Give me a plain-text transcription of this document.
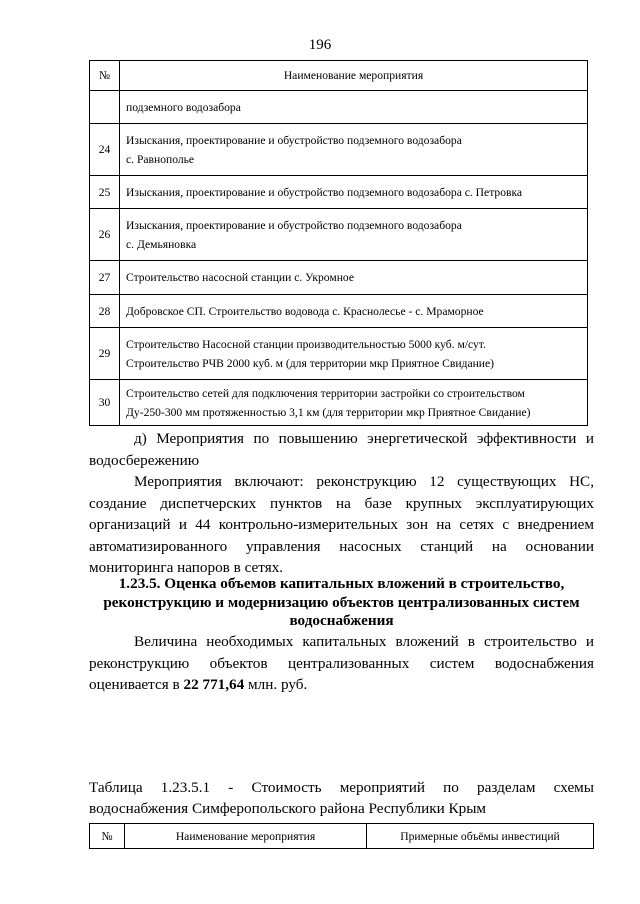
196
№	Наименование мероприятия

	подземного водозабора

24	Изыскания, проектирование и обустройство подземного водозабора
с. Равнополье

25	Изыскания, проектирование и обустройство подземного водозабора с. Петровка

26	Изыскания, проектирование и обустройство подземного водозабора
с. Демьяновка

27	Строительство насосной станции с. Укромное

28	Добровское СП. Строительство водовода с. Краснолесье - с. Мраморное

29	Строительство Насосной станции производительностью 5000 куб. м/сут.
Строительство РЧВ 2000 куб. м (для территории мкр Приятное Свидание)

30	Строительство сетей для подключения территории застройки со строительством
Ду-250-300 мм протяженностью 3,1 км (для территории мкр Приятное Свидание)
д) Мероприятия по повышению энергетической эффективности и водосбережению
Мероприятия включают: реконструкцию 12 существующих НС, создание диспетчерских пунктов на базе крупных эксплуатирующих организаций и 44 контрольно-измерительных зон на сетях с внедрением автоматизированного управления насосных станций на основании мониторинга напоров в сетях.
1.23.5. Оценка объемов капитальных вложений в строительство,
реконструкцию и модернизацию объектов централизованных систем
водоснабжения
Величина необходимых капитальных вложений в строительство и реконструкцию объектов централизованных систем водоснабжения оценивается в 22 771,64 млн. руб.
Таблица 1.23.5.1 - Стоимость мероприятий по разделам схемы водоснабжения Симферопольского района Республики Крым
№	Наименование мероприятия	Примерные объёмы инвестиций
